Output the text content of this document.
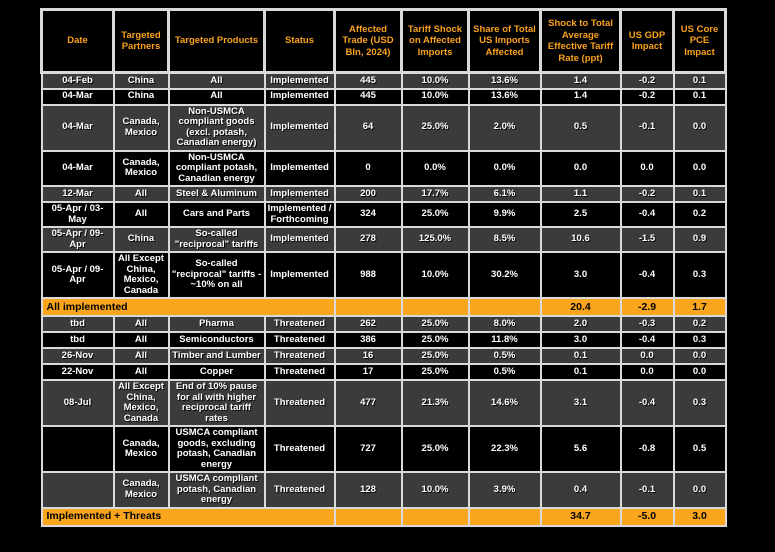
Date	Targeted Partners	Targeted Products	Status	Affected Trade (USD Bln, 2024)	Tariff Shock on Affected Imports	Share of Total US Imports Affected	Shock to Total Average Effective Tariff Rate (ppt)	US GDP Impact	US Core PCE Impact
04-Feb	China	All	Implemented	445	10.0%	13.6%	1.4	-0.2	0.1
04-Mar	China	All	Implemented	445	10.0%	13.6%	1.4	-0.2	0.1
04-Mar	Canada, Mexico	Non-USMCA compliant goods (excl. potash, Canadian energy)	Implemented	64	25.0%	2.0%	0.5	-0.1	0.0
04-Mar	Canada, Mexico	Non-USMCA compliant potash, Canadian energy	Implemented	0	0.0%	0.0%	0.0	0.0	0.0
12-Mar	All	Steel & Aluminum	Implemented	200	17.7%	6.1%	1.1	-0.2	0.1
05-Apr / 03-May	All	Cars and Parts	Implemented / Forthcoming	324	25.0%	9.9%	2.5	-0.4	0.2
05-Apr / 09-Apr	China	So-called "reciprocal" tariffs	Implemented	278	125.0%	8.5%	10.6	-1.5	0.9
05-Apr / 09-Apr	All Except China, Mexico, Canada	So-called "reciprocal" tariffs - ~10% on all	Implemented	988	10.0%	30.2%	3.0	-0.4	0.3
All implemented							20.4	-2.9	1.7
tbd	All	Pharma	Threatened	262	25.0%	8.0%	2.0	-0.3	0.2
tbd	All	Semiconductors	Threatened	386	25.0%	11.8%	3.0	-0.4	0.3
26-Nov	All	Timber and Lumber	Threatened	16	25.0%	0.5%	0.1	0.0	0.0
22-Nov	All	Copper	Threatened	17	25.0%	0.5%	0.1	0.0	0.0
08-Jul	All Except China, Mexico, Canada	End of 10% pause for all with higher reciprocal tariff rates	Threatened	477	21.3%	14.6%	3.1	-0.4	0.3
	Canada, Mexico	USMCA compliant goods, excluding potash, Canadian energy	Threatened	727	25.0%	22.3%	5.6	-0.8	0.5
	Canada, Mexico	USMCA compliant potash, Canadian energy	Threatened	128	10.0%	3.9%	0.4	-0.1	0.0
Implemented + Threats							34.7	-5.0	3.0
